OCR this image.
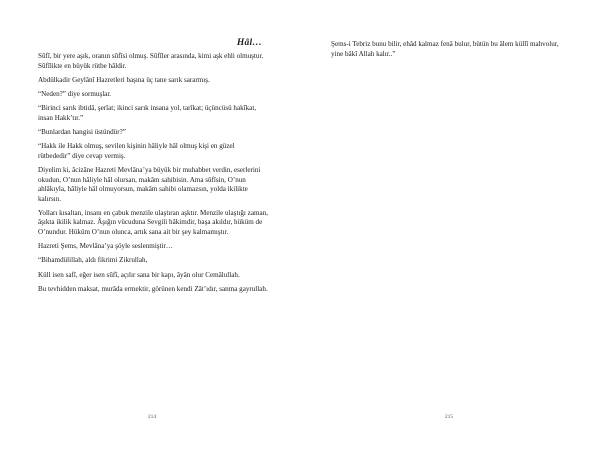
Hâl…

Sûfî, bir yere aşık, oranın sûfîsi olmuş. Sûfîler arasında, kimi aşk ehli olmuştur. Sûfîlikte en büyük rütbe hâldir.

Abdülkadir Geylânî Hazretleri başına üç tane sarık sararmış.

“Neden?” diye sormuşlar.

“Birinci sarık ibtidâ, şerîat; ikinci sarık insana yol, tarîkat; üçüncüsü hakîkat, insan Hakk’tır.”

“Bunlardan hangisi üstündür?”

“Hakk ile Hakk olmuş, sevilen kişinin hâliyle hâl olmuş kişi en güzel rütbededir” diye cevap vermiş.

Diyelim ki, âcizâne Hazreti Mevlâna’ya büyük bir muhabbet verdin, eserlerini okudun, O’nun hâliyle hâl olursan, makâm sahibisin. Ama sûfîsin, O’nun ahlâkıyla, hâliyle hâl olmuyorsun, makâm sahibi olamazsın, yolda ikilikte kalırsın.

Yolları kısaltan, insanı en çabuk menzile ulaştıran aşktır. Menzile ulaştığı zaman, âşıkta ikilik kalmaz. Âşığın vücuduna Sevgili hâkimdir, başa akıldır, hüküm de O’nundur. Hüküm O’nun olunca, artık sana ait bir şey kalmamıştır.

Hazreti Şems, Mevlâna’ya şöyle seslenmiştir…

“Bihamdülillah, aldı fikrimi Zikrullah,

Küll isen safî, eğer isen sûfî, açılır sana bir kapı, âyân olur Cemâlullah.

Bu tevhidden maksat, murâda ermektir, görünen kendi Zât’ıdır, sanma gayrullah.

214

Şems-i Tebriz bunu bilir, ehâd kalmaz fenâ bulur, bütün bu âlem küllî mahvolur, yine bâkî Allah kalır..”

215
